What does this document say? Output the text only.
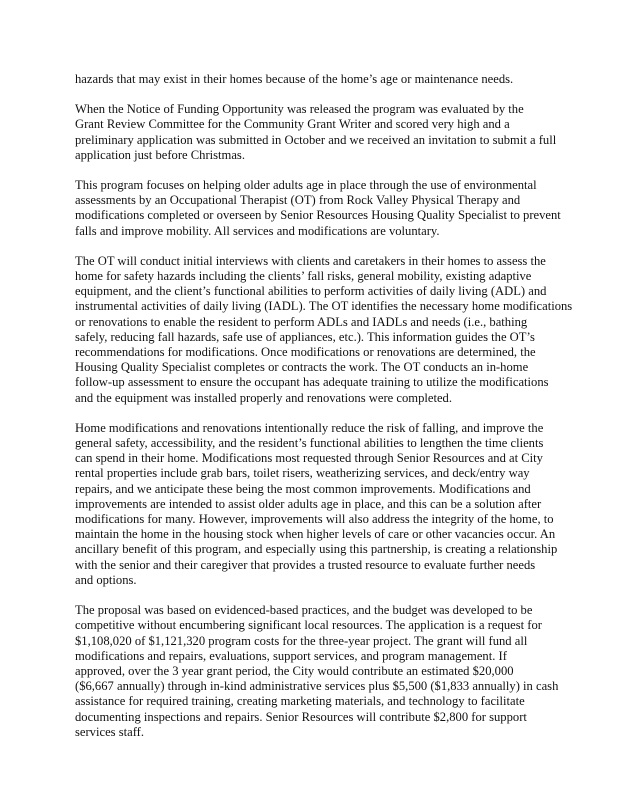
hazards that may exist in their homes because of the home’s age or maintenance needs.

When the Notice of Funding Opportunity was released the program was evaluated by the
Grant Review Committee for the Community Grant Writer and scored very high and a
preliminary application was submitted in October and we received an invitation to submit a full
application just before Christmas.

This program focuses on helping older adults age in place through the use of environmental
assessments by an Occupational Therapist (OT) from Rock Valley Physical Therapy and
modifications completed or overseen by Senior Resources Housing Quality Specialist to prevent
falls and improve mobility. All services and modifications are voluntary.

The OT will conduct initial interviews with clients and caretakers in their homes to assess the
home for safety hazards including the clients’ fall risks, general mobility, existing adaptive
equipment, and the client’s functional abilities to perform activities of daily living (ADL) and
instrumental activities of daily living (IADL). The OT identifies the necessary home modifications
or renovations to enable the resident to perform ADLs and IADLs and needs (i.e., bathing
safely, reducing fall hazards, safe use of appliances, etc.). This information guides the OT’s
recommendations for modifications. Once modifications or renovations are determined, the
Housing Quality Specialist completes or contracts the work. The OT conducts an in-home
follow-up assessment to ensure the occupant has adequate training to utilize the modifications
and the equipment was installed properly and renovations were completed.

Home modifications and renovations intentionally reduce the risk of falling, and improve the
general safety, accessibility, and the resident’s functional abilities to lengthen the time clients
can spend in their home. Modifications most requested through Senior Resources and at City
rental properties include grab bars, toilet risers, weatherizing services, and deck/entry way
repairs, and we anticipate these being the most common improvements. Modifications and
improvements are intended to assist older adults age in place, and this can be a solution after
modifications for many. However, improvements will also address the integrity of the home, to
maintain the home in the housing stock when higher levels of care or other vacancies occur. An
ancillary benefit of this program, and especially using this partnership, is creating a relationship
with the senior and their caregiver that provides a trusted resource to evaluate further needs
and options.

The proposal was based on evidenced-based practices, and the budget was developed to be
competitive without encumbering significant local resources. The application is a request for
$1,108,020 of $1,121,320 program costs for the three-year project. The grant will fund all
modifications and repairs, evaluations, support services, and program management. If
approved, over the 3 year grant period, the City would contribute an estimated $20,000
($6,667 annually) through in-kind administrative services plus $5,500 ($1,833 annually) in cash
assistance for required training, creating marketing materials, and technology to facilitate
documenting inspections and repairs. Senior Resources will contribute $2,800 for support
services staff.
